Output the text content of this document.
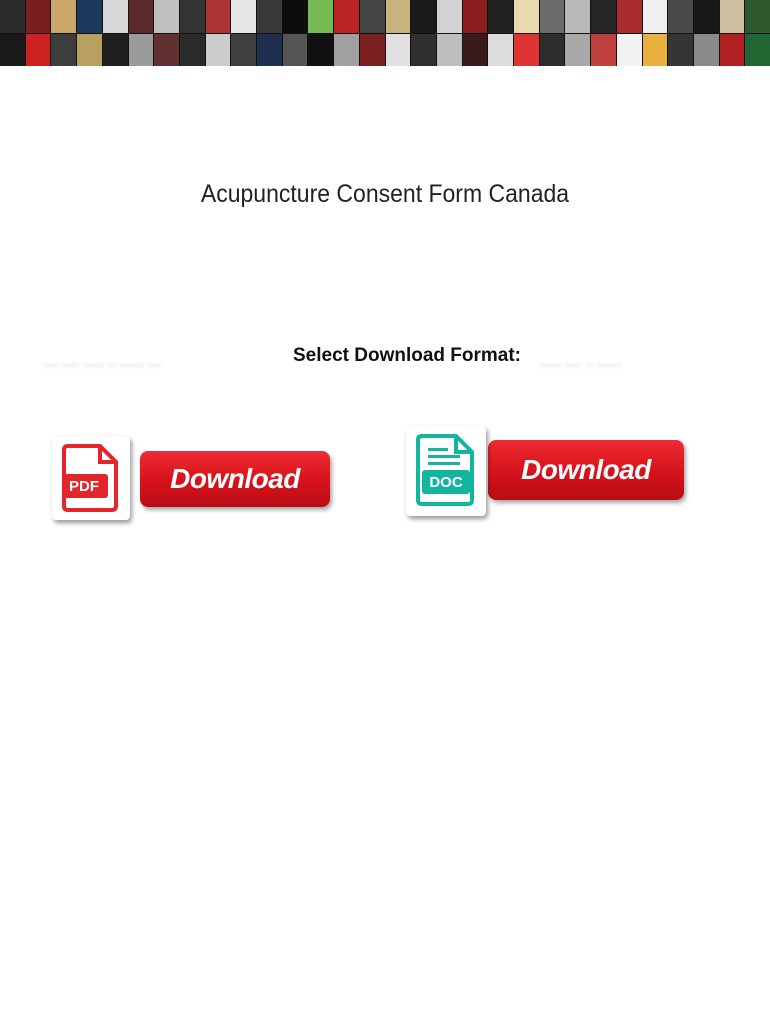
Acupuncture Consent Form Canada
▪▪▪▪ ▪▪▪▪ ▪▪▪▪▪ ▪▪ ▪▪▪▪▪▪ ▪▪▪	▪▪▪▪▪ ▪▪▪▪ ▪▪ ▪▪▪▪▪▪
Select Download Format:
Download
PDF
Download
DOC
